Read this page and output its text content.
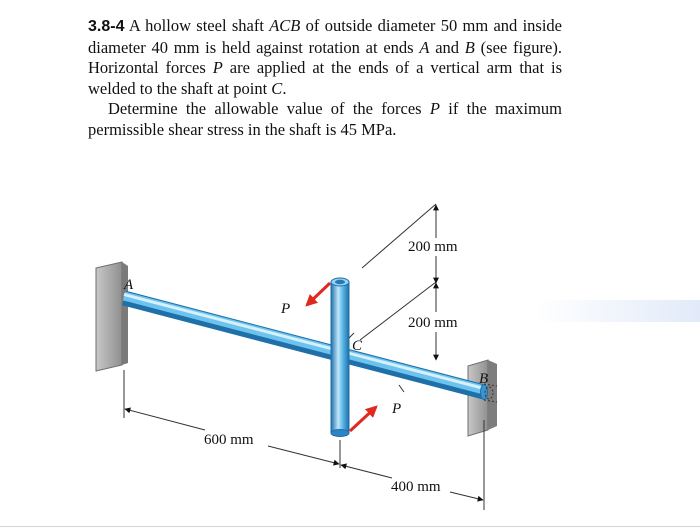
3.8-4 A hollow steel shaft ACB of outside diameter 50 mm and inside diameter 40 mm is held against rotation at ends A and B (see figure). Horizontal forces P are applied at the ends of a vertical arm that is welded to the shaft at point C.

Determine the allowable value of the forces P if the maximum permissible shear stress in the shaft is 45 MPa.

A
B
C
P
P
200 mm
200 mm
600 mm
400 mm
